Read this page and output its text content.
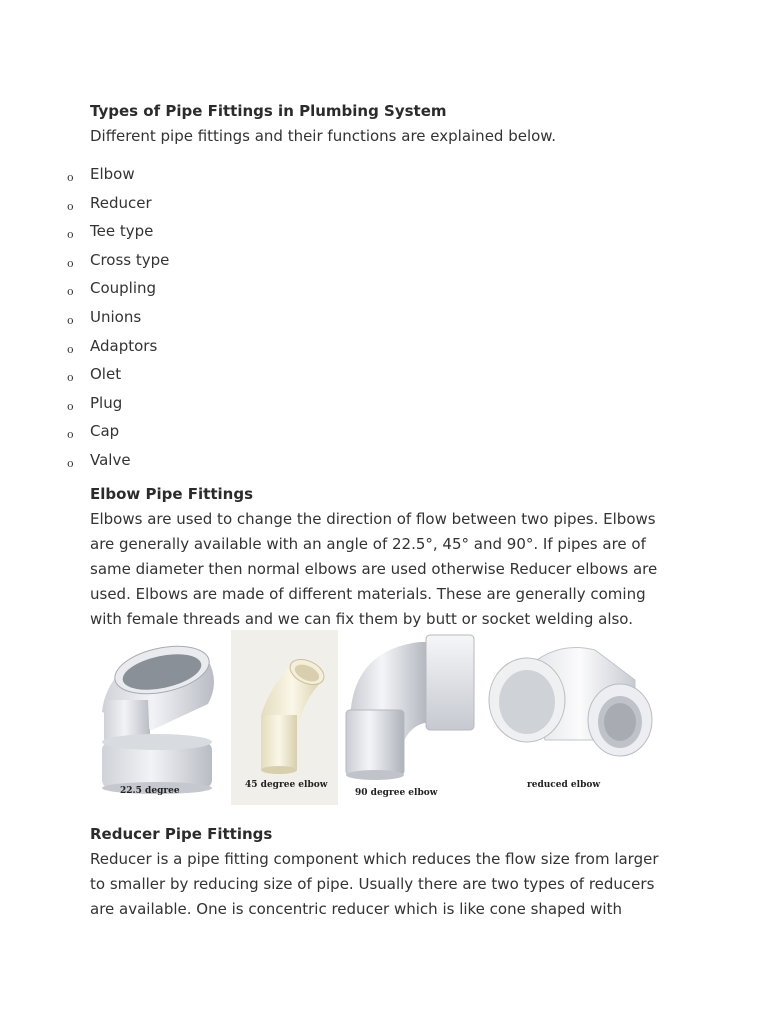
Types of Pipe Fittings in Plumbing System

Different pipe fittings and their functions are explained below.

o Elbow
o Reducer
o Tee type
o Cross type
o Coupling
o Unions
o Adaptors
o Olet
o Plug
o Cap
o Valve
Elbow Pipe Fittings
Elbows are used to change the direction of flow between two pipes. Elbows
are generally available with an angle of 22.5°, 45° and 90°. If pipes are of
same diameter then normal elbows are used otherwise Reducer elbows are
used. Elbows are made of different materials. These are generally coming
with female threads and we can fix them by butt or socket welding also.
22.5 degree
45 degree elbow
90 degree elbow
reduced elbow
Reducer Pipe Fittings
Reducer is a pipe fitting component which reduces the flow size from larger
to smaller by reducing size of pipe. Usually there are two types of reducers
are available. One is concentric reducer which is like cone shaped with
